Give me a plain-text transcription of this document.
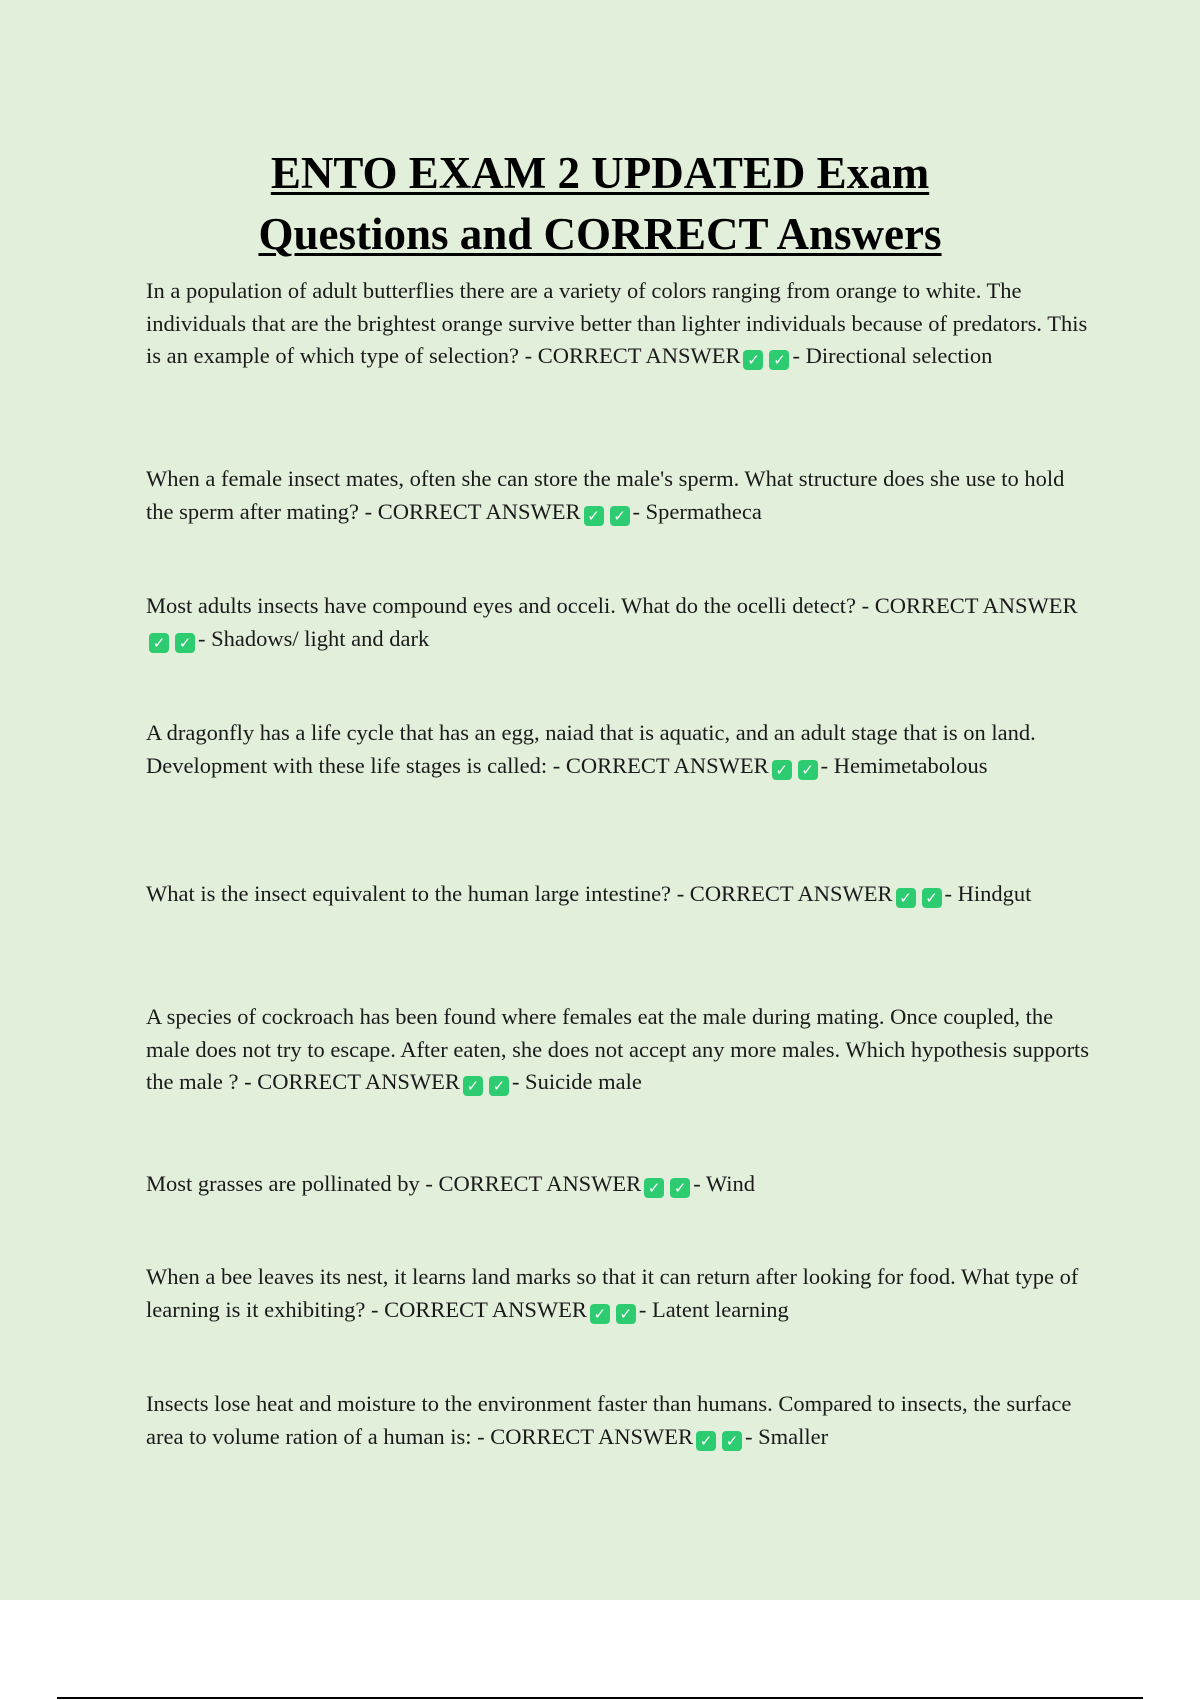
ENTO EXAM 2 UPDATED Exam
Questions and CORRECT Answers
In a population of adult butterflies there are a variety of colors ranging from orange to white. The individuals that are the brightest orange survive better than lighter individuals because of predators. This is an example of which type of selection? - CORRECT ANSWER ✓ ✓ - Directional selection
When a female insect mates, often she can store the male's sperm. What structure does she use to hold the sperm after mating? - CORRECT ANSWER ✓ ✓ - Spermatheca
Most adults insects have compound eyes and occeli. What do the ocelli detect? - CORRECT ANSWER✓ ✓ - Shadows/ light and dark
A dragonfly has a life cycle that has an egg, naiad that is aquatic, and an adult stage that is on land. Development with these life stages is called: - CORRECT ANSWER ✓ ✓ - Hemimetabolous
What is the insect equivalent to the human large intestine? - CORRECT ANSWER ✓ ✓ - Hindgut
A species of cockroach has been found where females eat the male during mating. Once coupled, the male does not try to escape. After eaten, she does not accept any more males. Which hypothesis supports the male ? - CORRECT ANSWER ✓ ✓ - Suicide male
Most grasses are pollinated by - CORRECT ANSWER ✓ ✓ - Wind
When a bee leaves its nest, it learns land marks so that it can return after looking for food. What type of learning is it exhibiting? - CORRECT ANSWER ✓ ✓ - Latent learning
Insects lose heat and moisture to the environment faster than humans. Compared to insects, the surface area to volume ration of a human is: - CORRECT ANSWER ✓ ✓ - Smaller
